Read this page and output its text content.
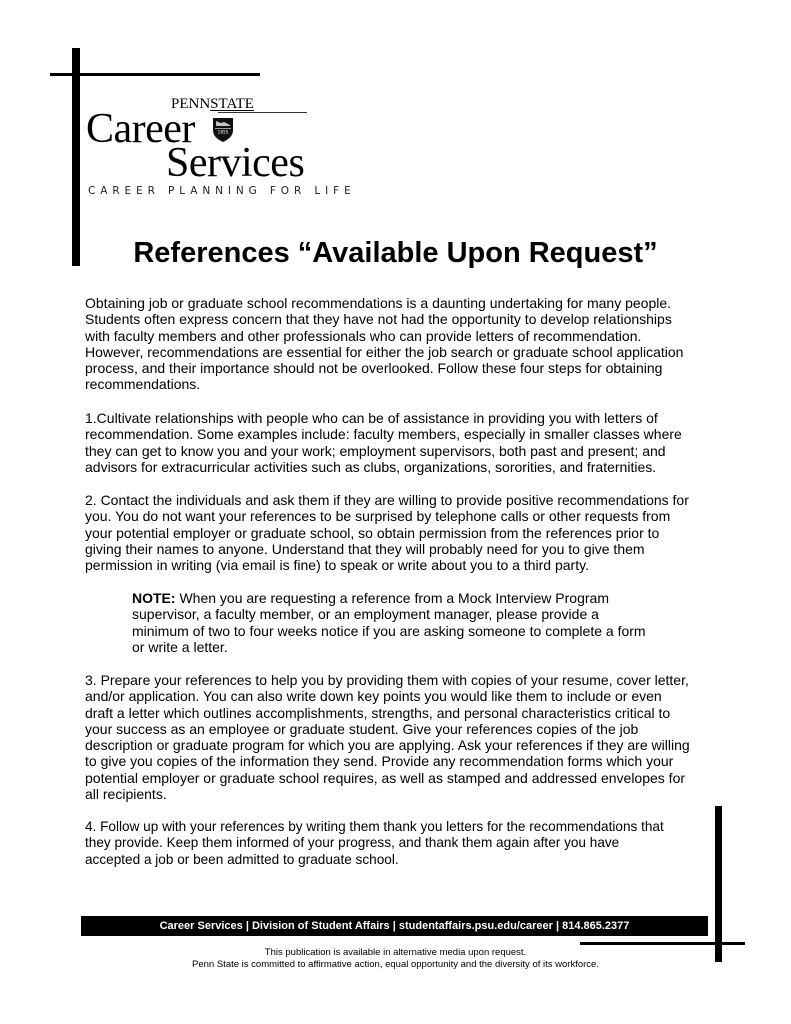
PENNSTATE
Career	1855
Services
CAREER PLANNING FOR LIFE
References “Available Upon Request”
Obtaining job or graduate school recommendations is a daunting undertaking for many people.
Students often express concern that they have not had the opportunity to develop relationships
with faculty members and other professionals who can provide letters of recommendation.
However, recommendations are essential for either the job search or graduate school application
process, and their importance should not be overlooked. Follow these four steps for obtaining
recommendations.
1.Cultivate relationships with people who can be of assistance in providing you with letters of
recommendation. Some examples include: faculty members, especially in smaller classes where
they can get to know you and your work; employment supervisors, both past and present; and
advisors for extracurricular activities such as clubs, organizations, sororities, and fraternities.
2. Contact the individuals and ask them if they are willing to provide positive recommendations for
you. You do not want your references to be surprised by telephone calls or other requests from
your potential employer or graduate school, so obtain permission from the references prior to
giving their names to anyone. Understand that they will probably need for you to give them
permission in writing (via email is fine) to speak or write about you to a third party.
NOTE: When you are requesting a reference from a Mock Interview Program
supervisor, a faculty member, or an employment manager, please provide a
minimum of two to four weeks notice if you are asking someone to complete a form
or write a letter.
3. Prepare your references to help you by providing them with copies of your resume, cover letter,
and/or application. You can also write down key points you would like them to include or even
draft a letter which outlines accomplishments, strengths, and personal characteristics critical to
your success as an employee or graduate student. Give your references copies of the job
description or graduate program for which you are applying. Ask your references if they are willing
to give you copies of the information they send. Provide any recommendation forms which your
potential employer or graduate school requires, as well as stamped and addressed envelopes for
all recipients.
4. Follow up with your references by writing them thank you letters for the recommendations that
they provide. Keep them informed of your progress, and thank them again after you have
accepted a job or been admitted to graduate school.
Career Services | Division of Student Affairs | studentaffairs.psu.edu/career | 814.865.2377
This publication is available in alternative media upon request.
Penn State is committed to affirmative action, equal opportunity and the diversity of its workforce.
